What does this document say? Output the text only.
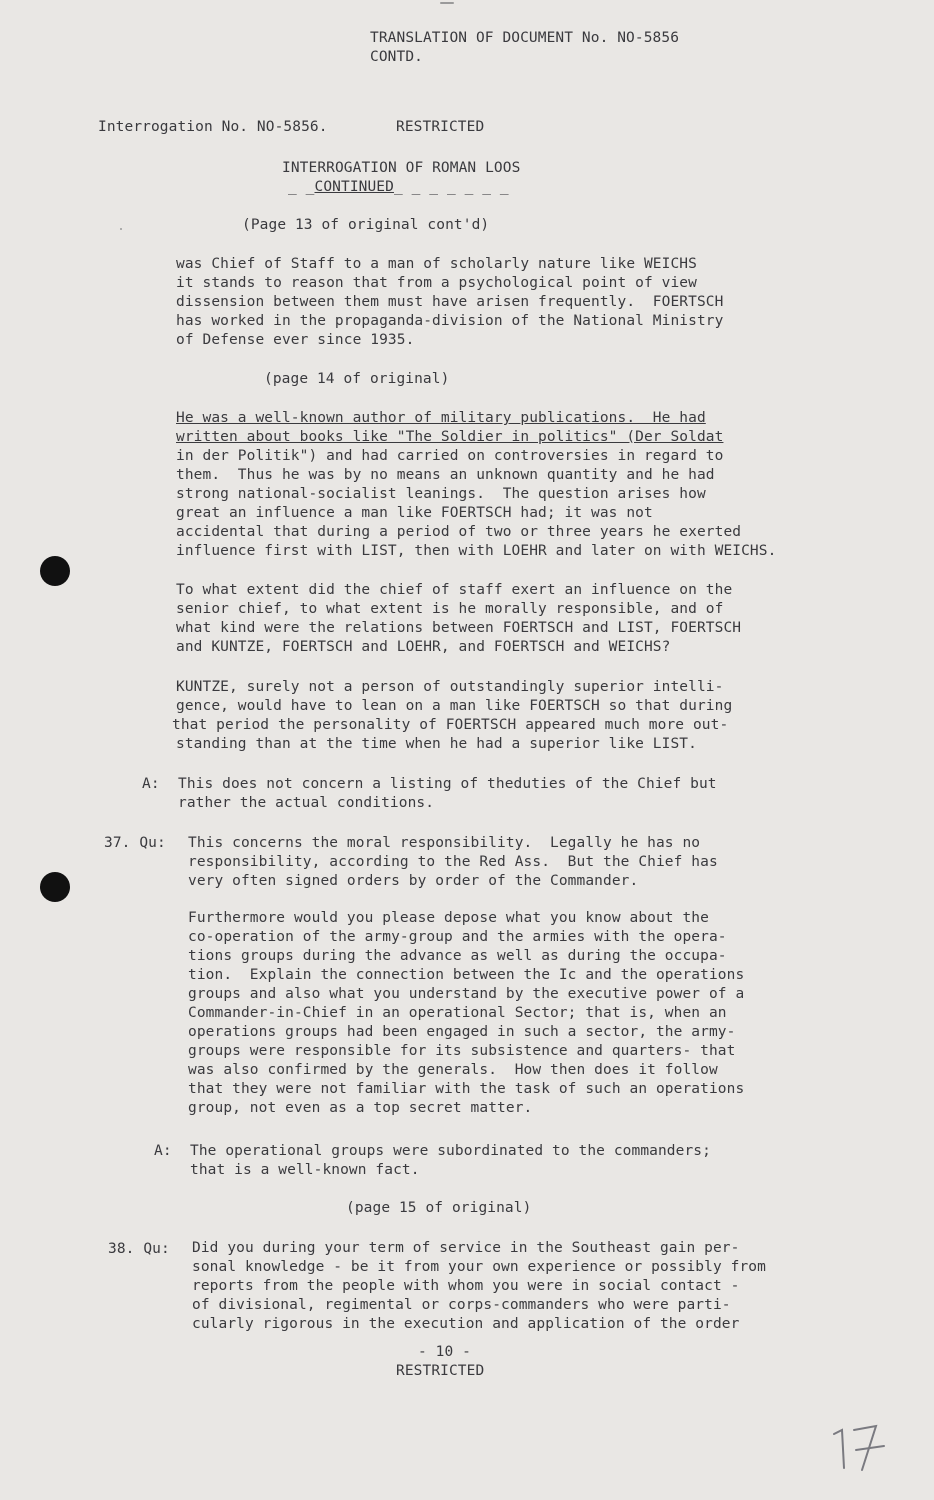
TRANSLATION OF DOCUMENT No. NO-5856
CONTD.
Interrogation No. NO-5856.	RESTRICTED
INTERROGATION OF ROMAN LOOS
_ _CONTINUED_ _ _ _ _ _ _
(Page 13 of original cont'd)
was Chief of Staff to a man of scholarly nature like WEICHS
it stands to reason that from a psychological point of view
dissension between them must have arisen frequently.  FOERTSCH
has worked in the propaganda-division of the National Ministry
of Defense ever since 1935.
(page 14 of original)
He was a well-known author of military publications.  He had
written about books like "The Soldier in politics" (Der Soldat
in der Politik") and had carried on controversies in regard to
them.  Thus he was by no means an unknown quantity and he had
strong national-socialist leanings.  The question arises how
great an influence a man like FOERTSCH had; it was not
accidental that during a period of two or three years he exerted
influence first with LIST, then with LOEHR and later on with WEICHS.
To what extent did the chief of staff exert an influence on the
senior chief, to what extent is he morally responsible, and of
what kind were the relations between FOERTSCH and LIST, FOERTSCH
and KUNTZE, FOERTSCH and LOEHR, and FOERTSCH and WEICHS?
KUNTZE, surely not a person of outstandingly superior intelli-
gence, would have to lean on a man like FOERTSCH so that during
that period the personality of FOERTSCH appeared much more out-
standing than at the time when he had a superior like LIST.
A: This does not concern a listing of theduties of the Chief but
rather the actual conditions.
37. Qu: This concerns the moral responsibility.  Legally he has no
responsibility, according to the Red Ass.  But the Chief has
very often signed orders by order of the Commander.
Furthermore would you please depose what you know about the
co-operation of the army-group and the armies with the opera-
tions groups during the advance as well as during the occupa-
tion.  Explain the connection between the Ic and the operations
groups and also what you understand by the executive power of a
Commander-in-Chief in an operational Sector; that is, when an
operations groups had been engaged in such a sector, the army-
groups were responsible for its subsistence and quarters- that
was also confirmed by the generals.  How then does it follow
that they were not familiar with the task of such an operations
group, not even as a top secret matter.
A: The operational groups were subordinated to the commanders;
that is a well-known fact.
(page 15 of original)
38. Qu: Did you during your term of service in the Southeast gain per-
sonal knowledge - be it from your own experience or possibly from
reports from the people with whom you were in social contact -
of divisional, regimental or corps-commanders who were parti-
cularly rigorous in the execution and application of the order
- 10 -
RESTRICTED
